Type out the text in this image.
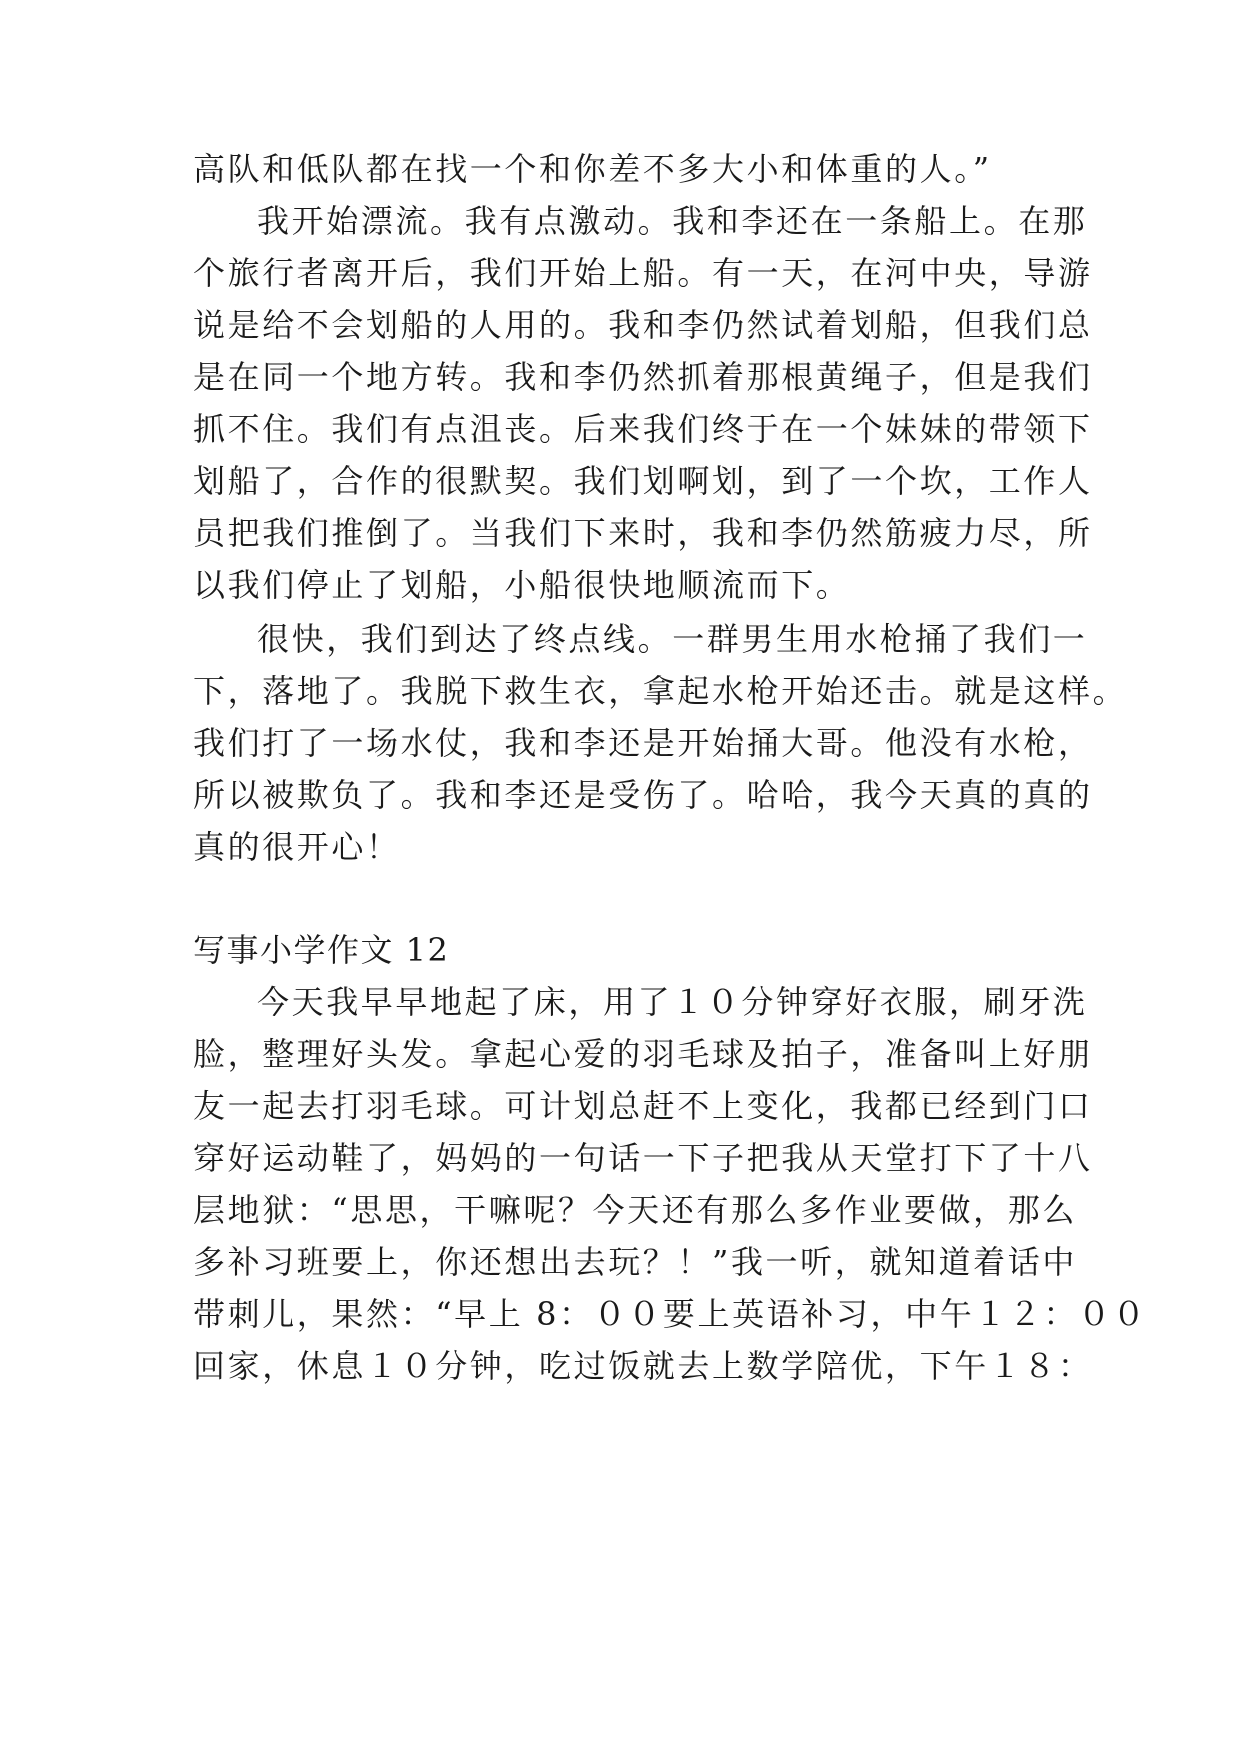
高队和低队都在找一个和你差不多大小和体重的人。”
我开始漂流。我有点激动。我和李还在一条船上。在那
个旅行者离开后，我们开始上船。有一天，在河中央，导游
说是给不会划船的人用的。我和李仍然试着划船，但我们总
是在同一个地方转。我和李仍然抓着那根黄绳子，但是我们
抓不住。我们有点沮丧。后来我们终于在一个妹妹的带领下
划船了，合作的很默契。我们划啊划，到了一个坎，工作人
员把我们推倒了。当我们下来时，我和李仍然筋疲力尽，所
以我们停止了划船，小船很快地顺流而下。
很快，我们到达了终点线。一群男生用水枪捅了我们一
下，落地了。我脱下救生衣，拿起水枪开始还击。就是这样。
我们打了一场水仗，我和李还是开始捅大哥。他没有水枪，
所以被欺负了。我和李还是受伤了。哈哈，我今天真的真的
真的很开心！
写事小学作文 12
今天我早早地起了床，用了１０分钟穿好衣服，刷牙洗
脸，整理好头发。拿起心爱的羽毛球及拍子，准备叫上好朋
友一起去打羽毛球。可计划总赶不上变化，我都已经到门口
穿好运动鞋了，妈妈的一句话一下子把我从天堂打下了十八
层地狱：“思思，干嘛呢？今天还有那么多作业要做，那么
多补习班要上，你还想出去玩？！”我一听，就知道着话中
带刺儿，果然：“早上 8：００要上英语补习，中午１２：００
回家，休息１０分钟，吃过饭就去上数学陪优，下午１８：
